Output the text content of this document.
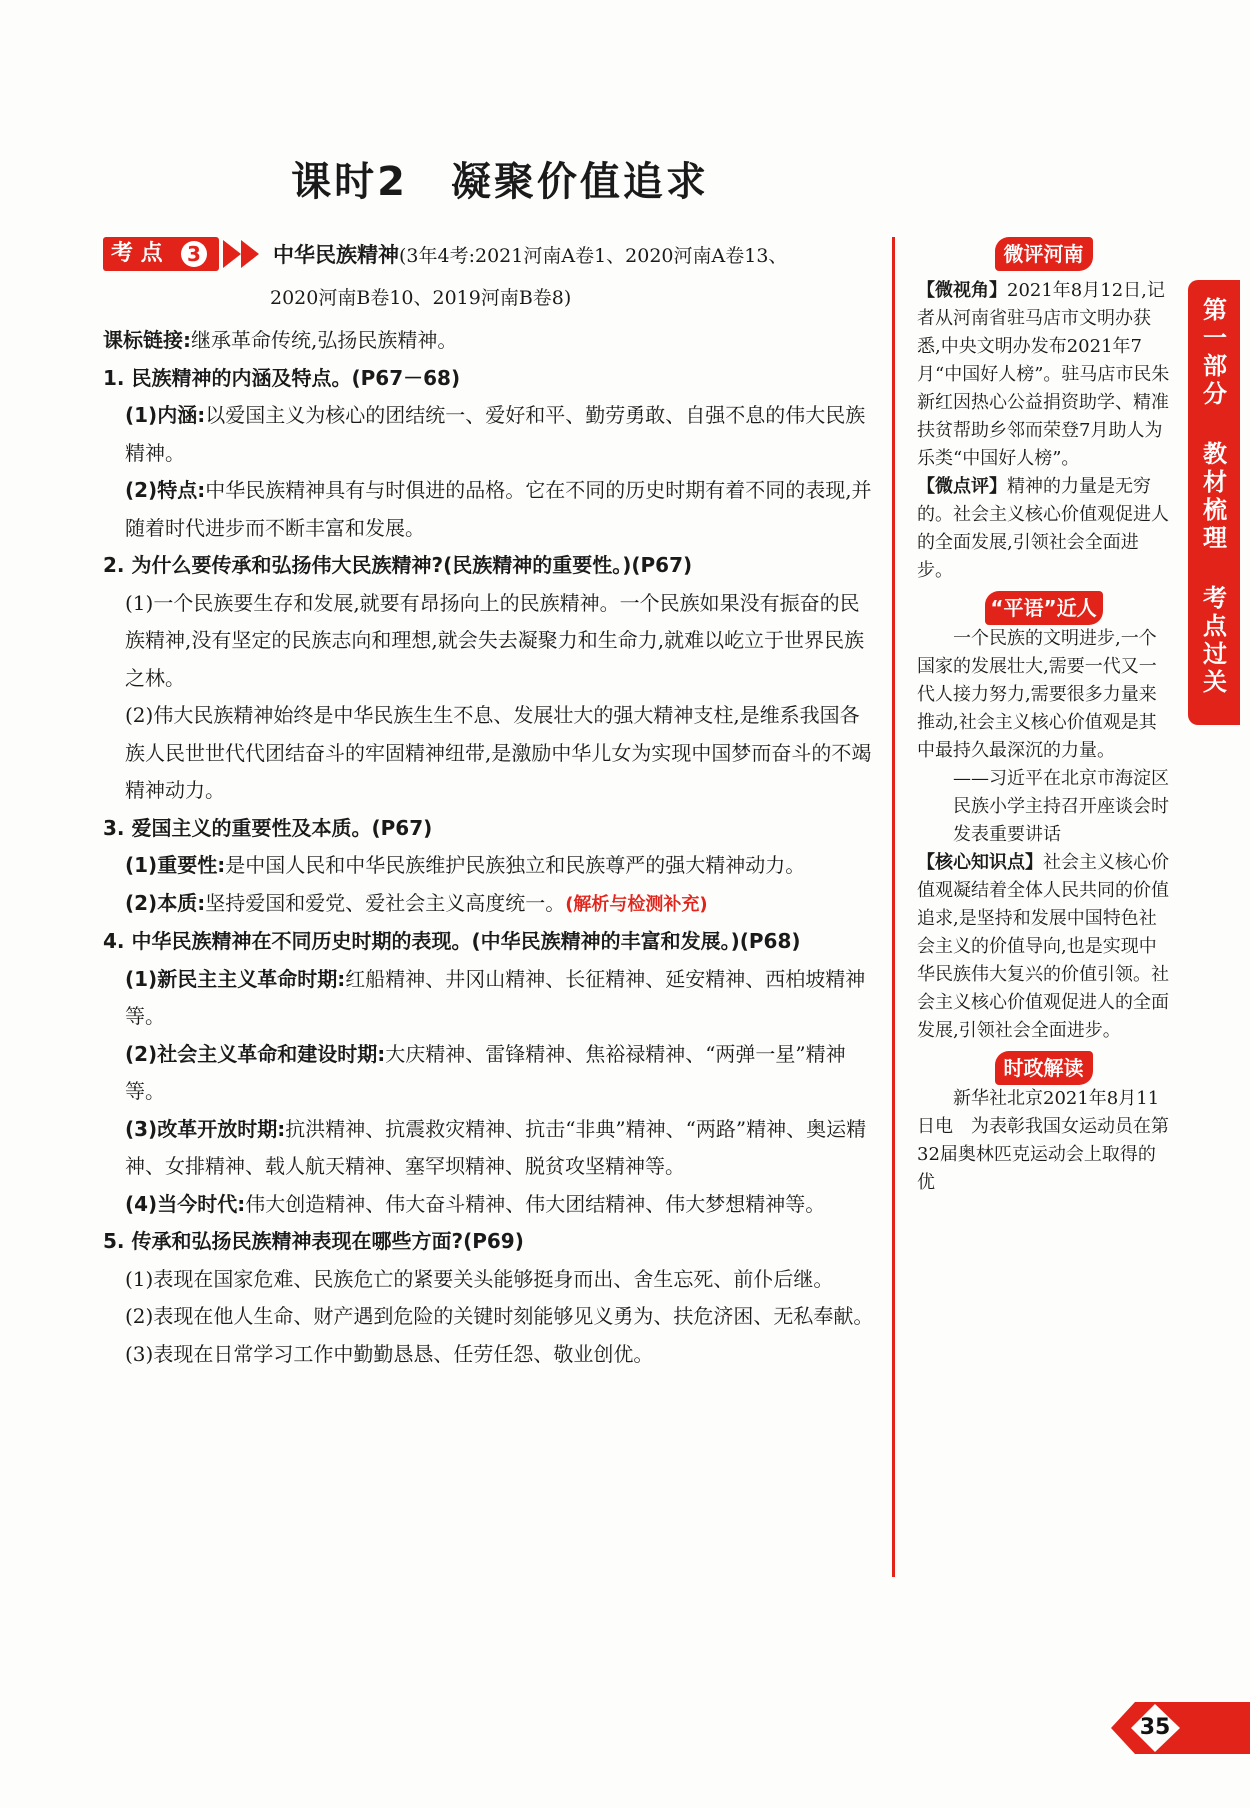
课时2　凝聚价值追求
考 点	3	中华民族精神(3年4考:2021河南A卷1、2020河南A卷13、
2020河南B卷10、2019河南B卷8)

课标链接:继承革命传统,弘扬民族精神。

1. 民族精神的内涵及特点。(P67－68)

(1)内涵:以爱国主义为核心的团结统一、爱好和平、勤劳勇敢、自强不息的伟大民族精神。

(2)特点:中华民族精神具有与时俱进的品格。它在不同的历史时期有着不同的表现,并随着时代进步而不断丰富和发展。

2. 为什么要传承和弘扬伟大民族精神?(民族精神的重要性。)(P67)

(1)一个民族要生存和发展,就要有昂扬向上的民族精神。一个民族如果没有振奋的民族精神,没有坚定的民族志向和理想,就会失去凝聚力和生命力,就难以屹立于世界民族之林。

(2)伟大民族精神始终是中华民族生生不息、发展壮大的强大精神支柱,是维系我国各族人民世世代代团结奋斗的牢固精神纽带,是激励中华儿女为实现中国梦而奋斗的不竭精神动力。

3. 爱国主义的重要性及本质。(P67)

(1)重要性:是中国人民和中华民族维护民族独立和民族尊严的强大精神动力。

(2)本质:坚持爱国和爱党、爱社会主义高度统一。(解析与检测补充)

4. 中华民族精神在不同历史时期的表现。(中华民族精神的丰富和发展。)(P68)

(1)新民主主义革命时期:红船精神、井冈山精神、长征精神、延安精神、西柏坡精神等。

(2)社会主义革命和建设时期:大庆精神、雷锋精神、焦裕禄精神、“两弹一星”精神等。

(3)改革开放时期:抗洪精神、抗震救灾精神、抗击“非典”精神、“两路”精神、奥运精神、女排精神、载人航天精神、塞罕坝精神、脱贫攻坚精神等。

(4)当今时代:伟大创造精神、伟大奋斗精神、伟大团结精神、伟大梦想精神等。

5. 传承和弘扬民族精神表现在哪些方面?(P69)

(1)表现在国家危难、民族危亡的紧要关头能够挺身而出、舍生忘死、前仆后继。

(2)表现在他人生命、财产遇到危险的关键时刻能够见义勇为、扶危济困、无私奉献。

(3)表现在日常学习工作中勤勤恳恳、任劳任怨、敬业创优。

微评河南

【微视角】2021年8月12日,记者从河南省驻马店市文明办获悉,中央文明办发布2021年7月“中国好人榜”。驻马店市民朱新红因热心公益捐资助学、精准扶贫帮助乡邻而荣登7月助人为乐类“中国好人榜”。

【微点评】精神的力量是无穷的。社会主义核心价值观促进人的全面发展,引领社会全面进步。

“平语”近人

一个民族的文明进步,一个国家的发展壮大,需要一代又一代人接力努力,需要很多力量来推动,社会主义核心价值观是其中最持久最深沉的力量。

——习近平在北京市海淀区民族小学主持召开座谈会时发表重要讲话

【核心知识点】社会主义核心价值观凝结着全体人民共同的价值追求,是坚持和发展中国特色社会主义的价值导向,也是实现中华民族伟大复兴的价值引领。社会主义核心价值观促进人的全面发展,引领社会全面进步。

时政解读

新华社北京2021年8月11日电　为表彰我国女运动员在第32届奥林匹克运动会上取得的优

第一部分
教材梳理
考点过关
35
